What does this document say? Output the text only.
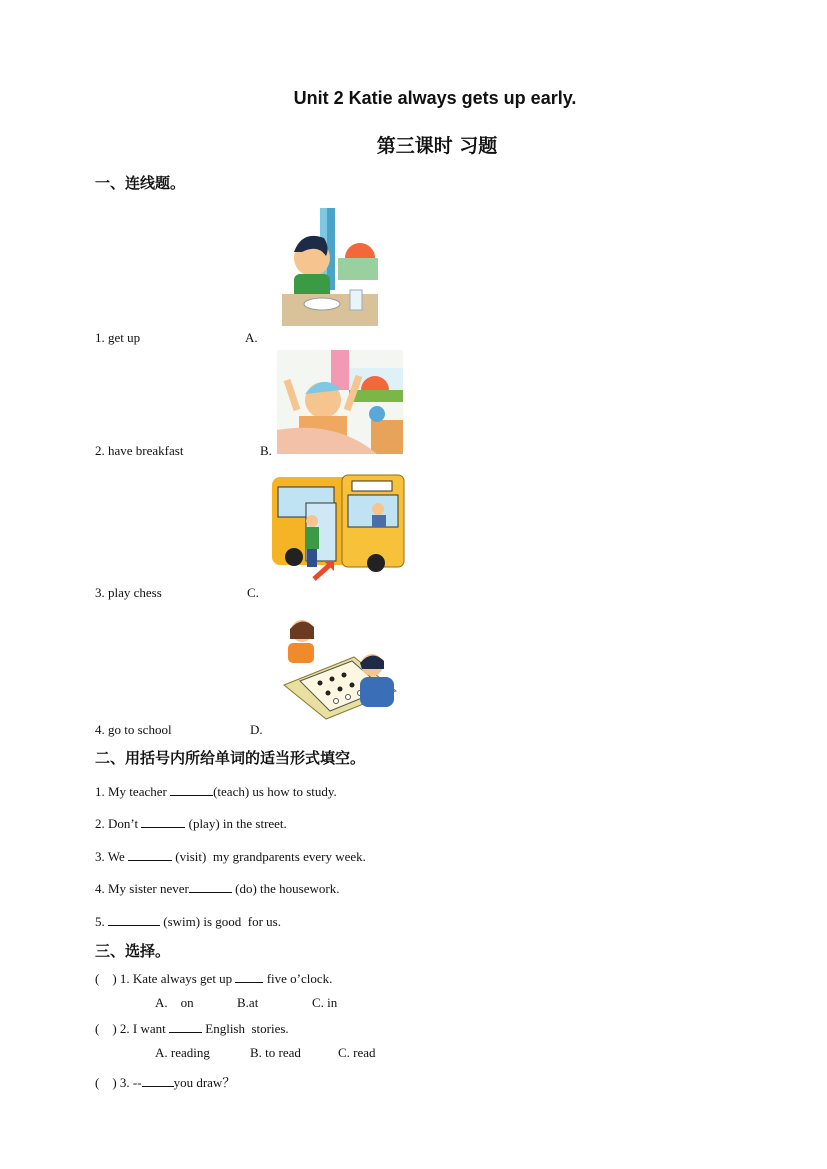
Unit 2 Katie always gets up early.
第三课时 习题
一、连线题。
1. get up	A.
2. have breakfast	B.
3. play chess	C.
4. go to school	D.
二、用括号内所给单词的适当形式填空。
1. My teacher	(teach) us how to study.
2. Don’t	(play) in the street.
3. We	(visit)  my grandparents every week.
4. My sister never	(do) the housework.
5.	(swim) is good  for us.
三、选择。
(    ) 1. Kate always get up  five o’clock.
A.    on	B.at	C. in
(    ) 2. I want	English  stories.
A. reading	B. to read	C. read
(    ) 3. -- you draw？
